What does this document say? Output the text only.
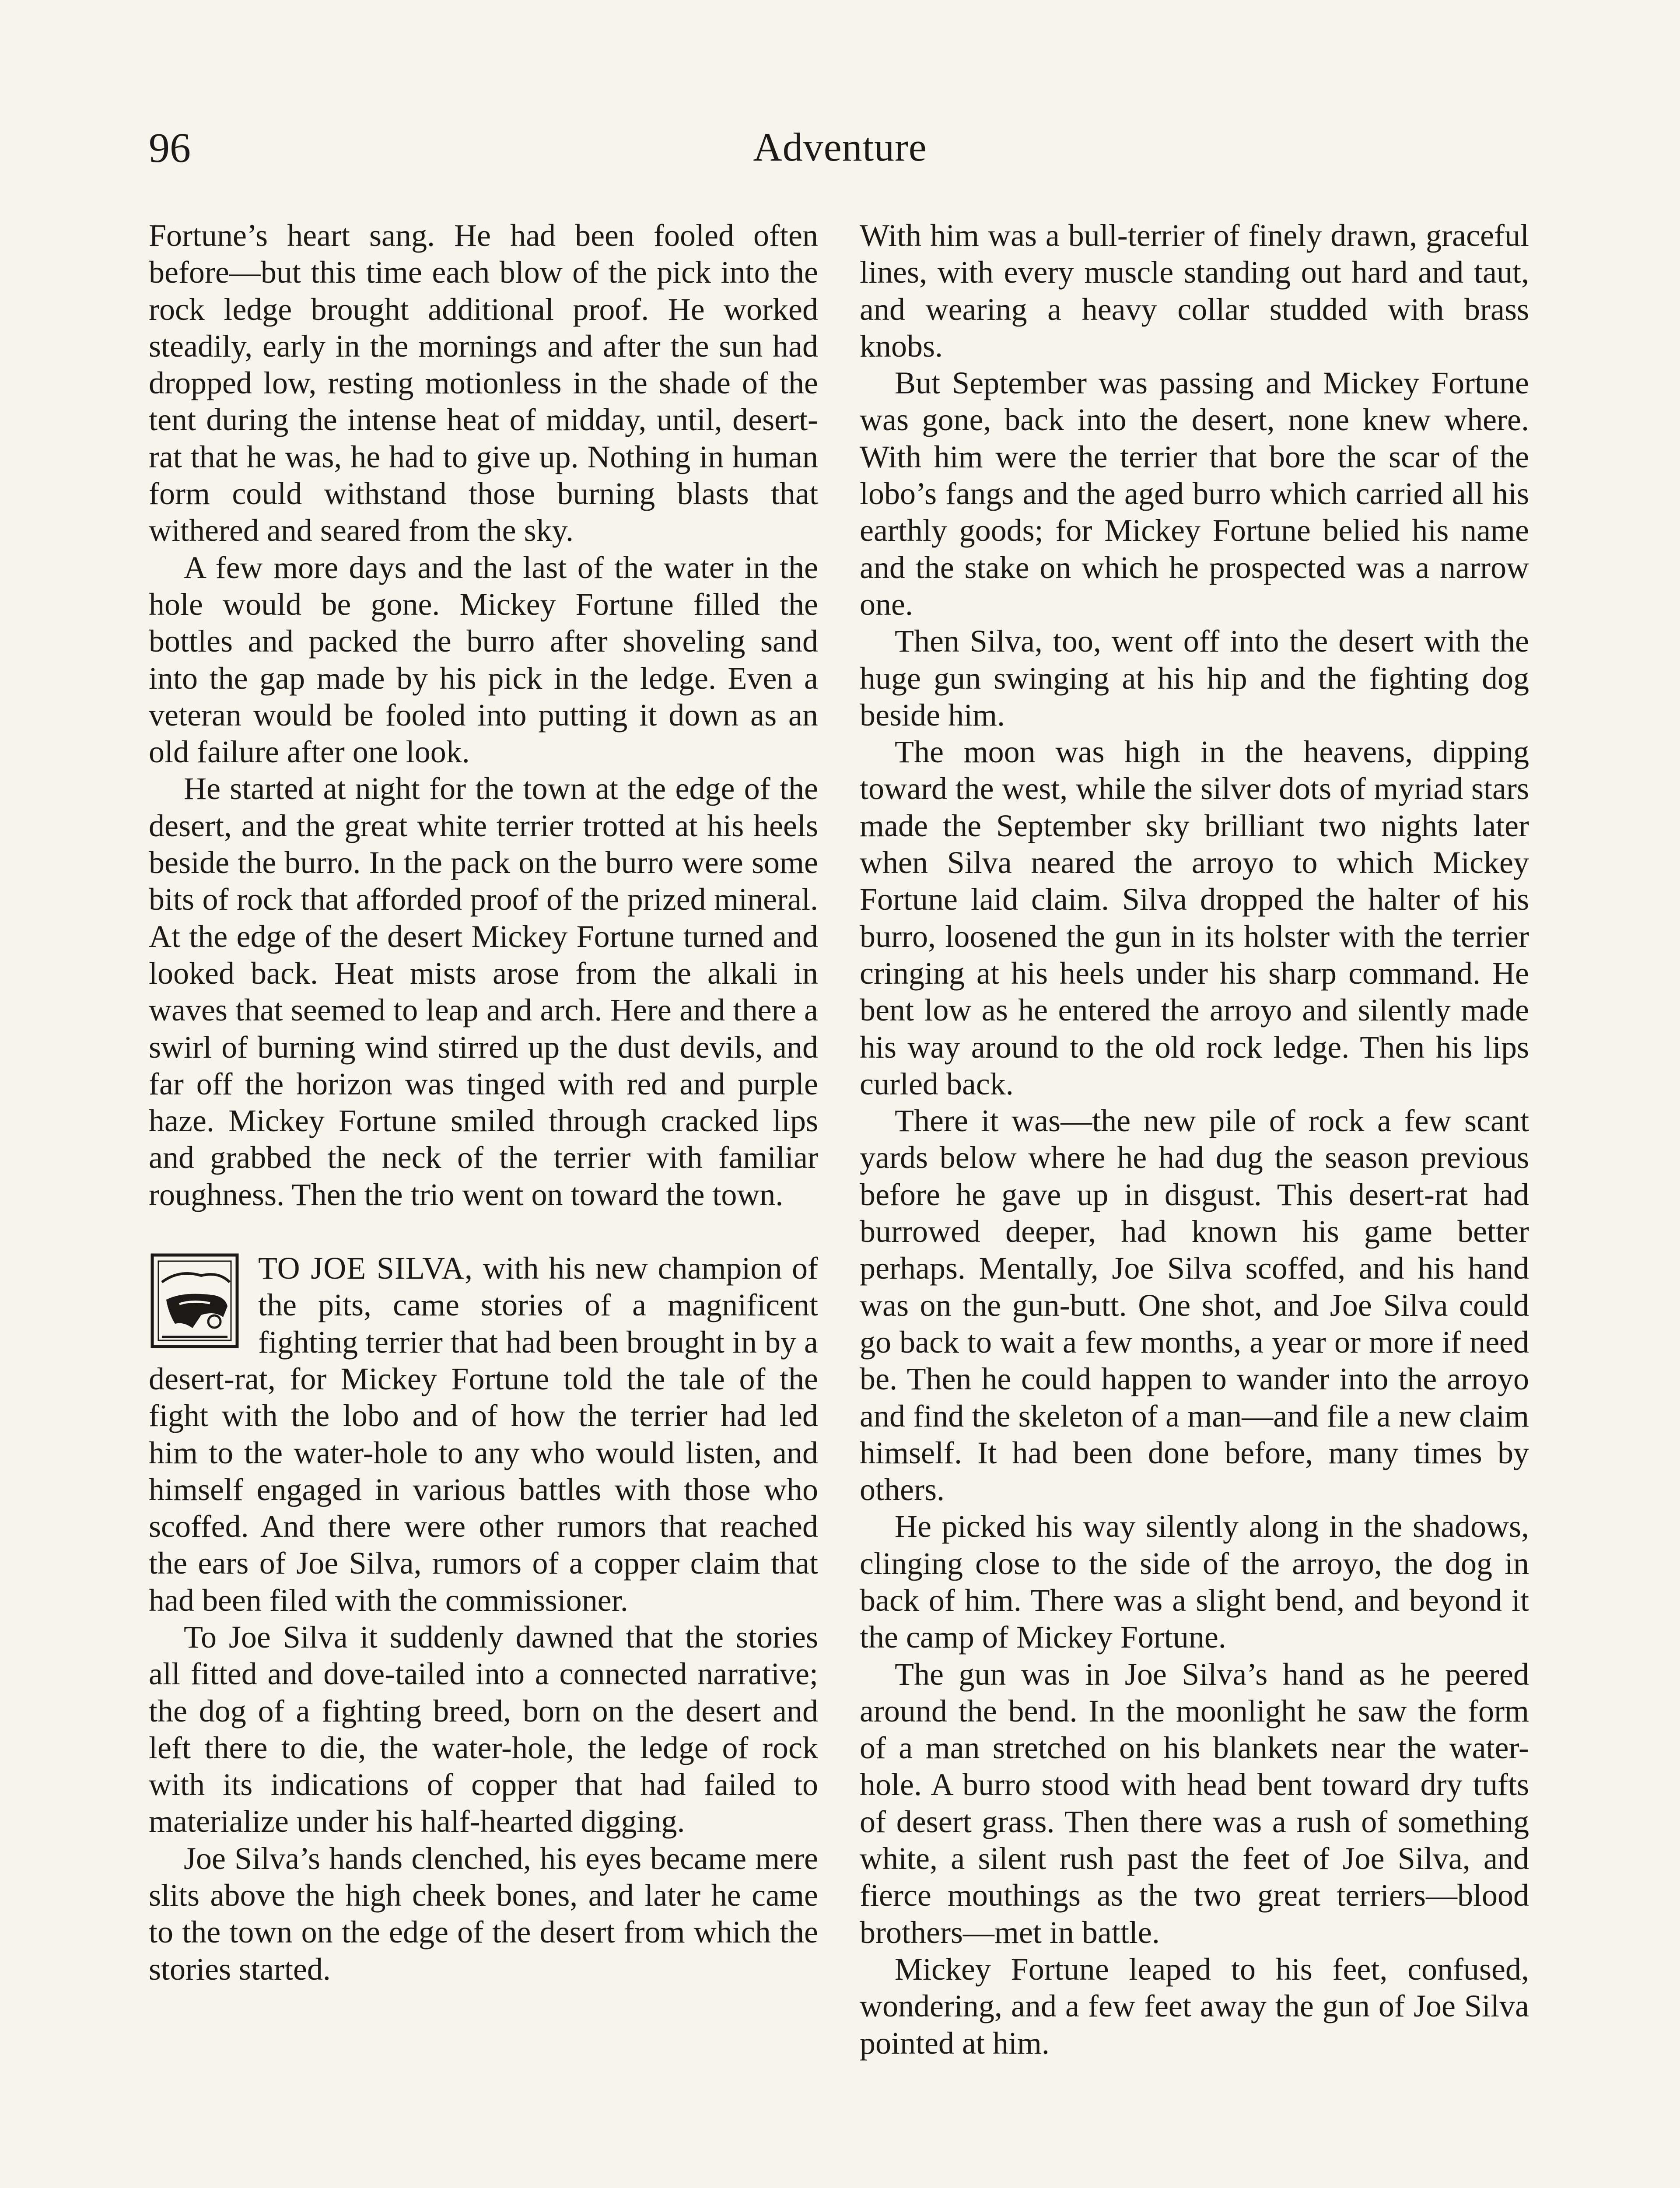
96	Adventure

Fortune’s heart sang. He had been fooled often before—but this time each blow of the pick into the rock ledge brought additional proof. He worked steadily, early in the mornings and after the sun had dropped low, resting motionless in the shade of the tent during the intense heat of midday, until, desert-rat that he was, he had to give up. Nothing in human form could withstand those burning blasts that withered and seared from the sky.

A few more days and the last of the water in the hole would be gone. Mickey Fortune filled the bottles and packed the burro after shoveling sand into the gap made by his pick in the ledge. Even a veteran would be fooled into putting it down as an old failure after one look.

He started at night for the town at the edge of the desert, and the great white terrier trotted at his heels beside the burro. In the pack on the burro were some bits of rock that afforded proof of the prized mineral. At the edge of the desert Mickey Fortune turned and looked back. Heat mists arose from the alkali in waves that seemed to leap and arch. Here and there a swirl of burning wind stirred up the dust devils, and far off the horizon was tinged with red and purple haze. Mickey Fortune smiled through cracked lips and grabbed the neck of the terrier with familiar roughness. Then the trio went on toward the town.

TO JOE SILVA, with his new champion of the pits, came stories of a magnificent fighting terrier that had been brought in by a desert-rat, for Mickey Fortune told the tale of the fight with the lobo and of how the terrier had led him to the water-hole to any who would listen, and himself engaged in various battles with those who scoffed. And there were other rumors that reached the ears of Joe Silva, rumors of a copper claim that had been filed with the commissioner.

To Joe Silva it suddenly dawned that the stories all fitted and dove-tailed into a connected narrative; the dog of a fighting breed, born on the desert and left there to die, the water-hole, the ledge of rock with its indications of copper that had failed to materialize under his half-hearted digging.

Joe Silva’s hands clenched, his eyes became mere slits above the high cheek bones, and later he came to the town on the edge of the desert from which the stories started.

With him was a bull-terrier of finely drawn, graceful lines, with every muscle standing out hard and taut, and wearing a heavy collar studded with brass knobs.

But September was passing and Mickey Fortune was gone, back into the desert, none knew where. With him were the terrier that bore the scar of the lobo’s fangs and the aged burro which carried all his earthly goods; for Mickey Fortune belied his name and the stake on which he prospected was a narrow one.

Then Silva, too, went off into the desert with the huge gun swinging at his hip and the fighting dog beside him.

The moon was high in the heavens, dipping toward the west, while the silver dots of myriad stars made the September sky brilliant two nights later when Silva neared the arroyo to which Mickey Fortune laid claim. Silva dropped the halter of his burro, loosened the gun in its holster with the terrier cringing at his heels under his sharp command. He bent low as he entered the arroyo and silently made his way around to the old rock ledge. Then his lips curled back.

There it was—the new pile of rock a few scant yards below where he had dug the season previous before he gave up in disgust. This desert-rat had burrowed deeper, had known his game better perhaps. Mentally, Joe Silva scoffed, and his hand was on the gun-butt. One shot, and Joe Silva could go back to wait a few months, a year or more if need be. Then he could happen to wander into the arroyo and find the skeleton of a man—and file a new claim himself. It had been done before, many times by others.

He picked his way silently along in the shadows, clinging close to the side of the arroyo, the dog in back of him. There was a slight bend, and beyond it the camp of Mickey Fortune.

The gun was in Joe Silva’s hand as he peered around the bend. In the moonlight he saw the form of a man stretched on his blankets near the water-hole. A burro stood with head bent toward dry tufts of desert grass. Then there was a rush of something white, a silent rush past the feet of Joe Silva, and fierce mouthings as the two great terriers—blood brothers—met in battle.

Mickey Fortune leaped to his feet, confused, wondering, and a few feet away the gun of Joe Silva pointed at him.
